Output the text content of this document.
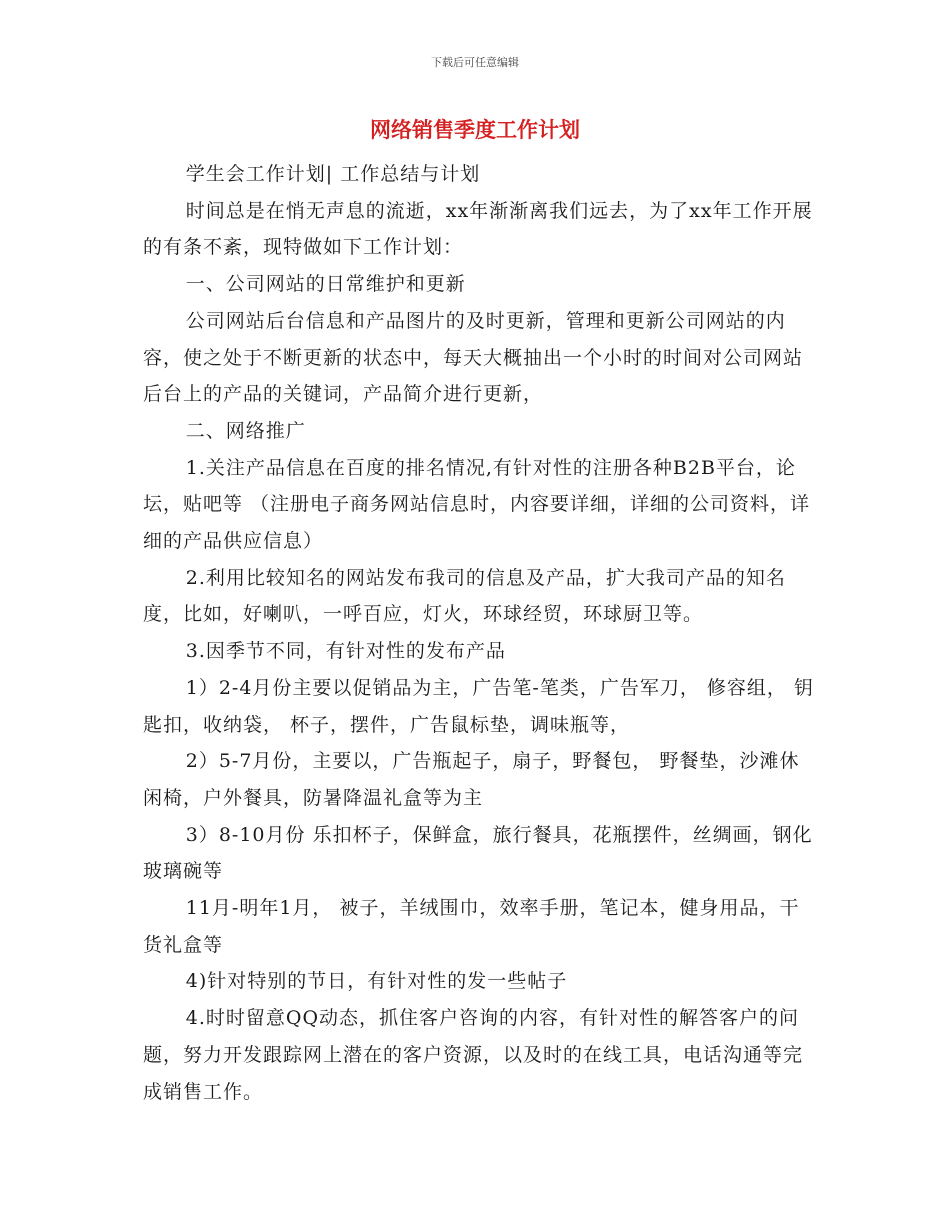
下载后可任意编辑
网络销售季度工作计划

学生会工作计划| 工作总结与计划

时间总是在悄无声息的流逝，xx年渐渐离我们远去，为了xx年工作开展的有条不紊，现特做如下工作计划：

一、公司网站的日常维护和更新

公司网站后台信息和产品图片的及时更新，管理和更新公司网站的内容，使之处于不断更新的状态中，每天大概抽出一个小时的时间对公司网站后台上的产品的关键词，产品简介进行更新，

二、网络推广

1.关注产品信息在百度的排名情况,有针对性的注册各种B2B平台，论坛，贴吧等 （注册电子商务网站信息时，内容要详细，详细的公司资料，详细的产品供应信息）

2.利用比较知名的网站发布我司的信息及产品，扩大我司产品的知名度，比如，好喇叭，一呼百应，灯火，环球经贸，环球厨卫等。

3.因季节不同，有针对性的发布产品

1）2-4月份主要以促销品为主，广告笔-笔类，广告军刀， 修容组， 钥匙扣，收纳袋， 杯子，摆件，广告鼠标垫，调味瓶等，

2）5-7月份，主要以，广告瓶起子，扇子，野餐包， 野餐垫，沙滩休闲椅，户外餐具，防暑降温礼盒等为主

3）8-10月份 乐扣杯子，保鲜盒，旅行餐具，花瓶摆件，丝绸画，钢化玻璃碗等

11月-明年1月， 被子，羊绒围巾，效率手册，笔记本，健身用品，干货礼盒等

4)针对特别的节日，有针对性的发一些帖子

4.时时留意QQ动态，抓住客户咨询的内容，有针对性的解答客户的问题，努力开发跟踪网上潜在的客户资源，以及时的在线工具，电话沟通等完成销售工作。
